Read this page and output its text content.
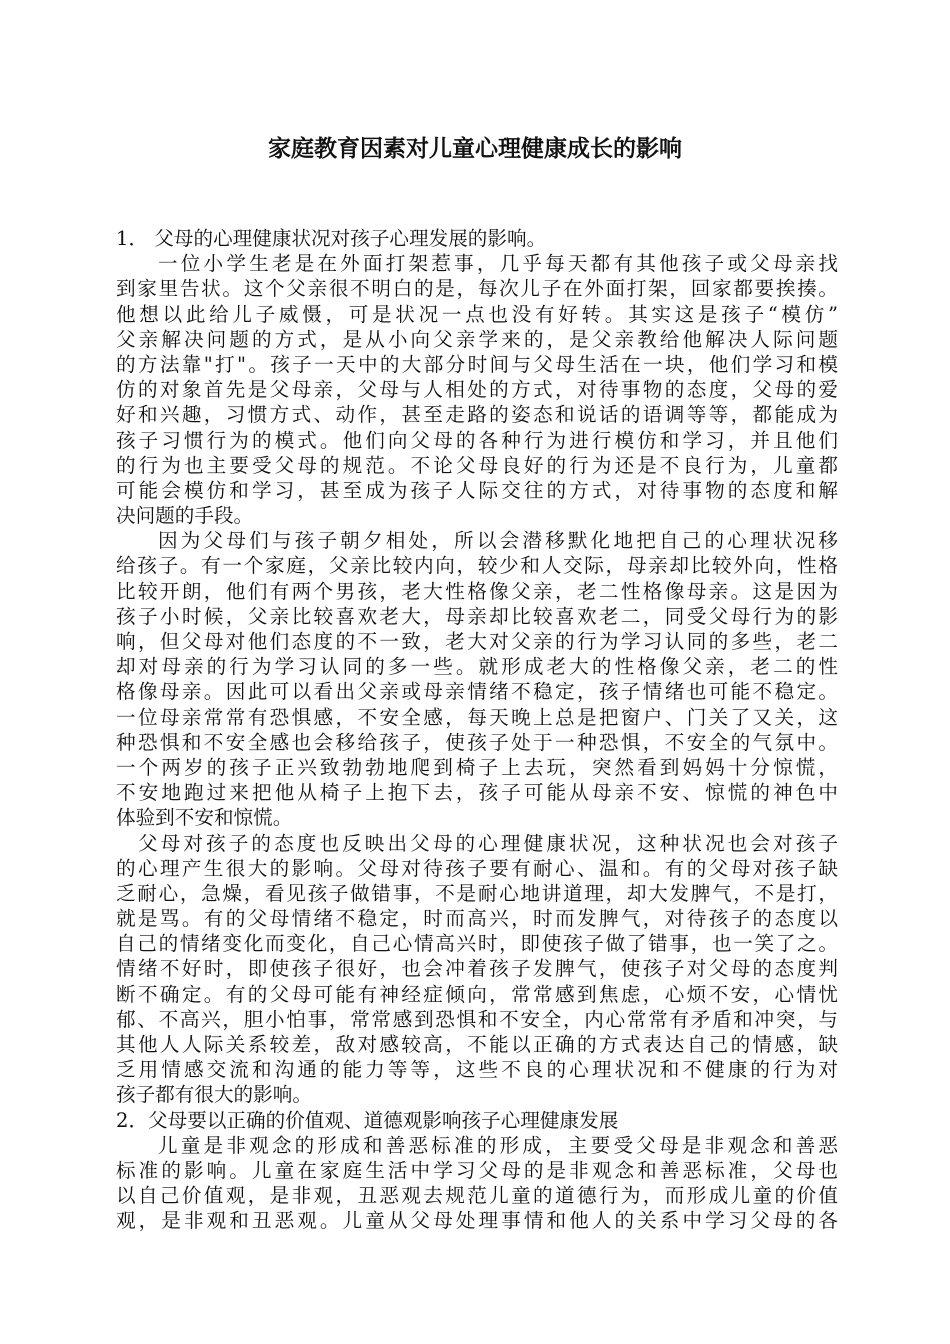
家庭教育因素对儿童心理健康成长的影响
1． 父母的心理健康状况对孩子心理发展的影响。
一位小学生老是在外面打架惹事，几乎每天都有其他孩子或父母亲找
到家里告状。这个父亲很不明白的是，每次儿子在外面打架，回家都要挨揍。
他想以此给儿子威慑，可是状况一点也没有好转。其实这是孩子“模仿”
父亲解决问题的方式，是从小向父亲学来的，是父亲教给他解决人际问题
的方法靠"打"。孩子一天中的大部分时间与父母生活在一块，他们学习和模
仿的对象首先是父母亲，父母与人相处的方式，对待事物的态度，父母的爱
好和兴趣，习惯方式、动作，甚至走路的姿态和说话的语调等等，都能成为
孩子习惯行为的模式。他们向父母的各种行为进行模仿和学习，并且他们
的行为也主要受父母的规范。不论父母良好的行为还是不良行为，儿童都
可能会模仿和学习，甚至成为孩子人际交往的方式，对待事物的态度和解
决问题的手段。
因为父母们与孩子朝夕相处，所以会潜移默化地把自己的心理状况移
给孩子。有一个家庭，父亲比较内向，较少和人交际，母亲却比较外向，性格
比较开朗，他们有两个男孩，老大性格像父亲，老二性格像母亲。这是因为
孩子小时候，父亲比较喜欢老大，母亲却比较喜欢老二，同受父母行为的影
响，但父母对他们态度的不一致，老大对父亲的行为学习认同的多些，老二
却对母亲的行为学习认同的多一些。就形成老大的性格像父亲，老二的性
格像母亲。因此可以看出父亲或母亲情绪不稳定，孩子情绪也可能不稳定。
一位母亲常常有恐惧感，不安全感，每天晚上总是把窗户、门关了又关，这
种恐惧和不安全感也会移给孩子，使孩子处于一种恐惧，不安全的气氛中。
一个两岁的孩子正兴致勃勃地爬到椅子上去玩，突然看到妈妈十分惊慌，
不安地跑过来把他从椅子上抱下去，孩子可能从母亲不安、惊慌的神色中
体验到不安和惊慌。
父母对孩子的态度也反映出父母的心理健康状况，这种状况也会对孩子
的心理产生很大的影响。父母对待孩子要有耐心、温和。有的父母对孩子缺
乏耐心，急燥，看见孩子做错事，不是耐心地讲道理，却大发脾气，不是打，
就是骂。有的父母情绪不稳定，时而高兴，时而发脾气，对待孩子的态度以
自己的情绪变化而变化，自己心情高兴时，即使孩子做了错事，也一笑了之。
情绪不好时，即使孩子很好，也会冲着孩子发脾气，使孩子对父母的态度判
断不确定。有的父母可能有神经症倾向，常常感到焦虑，心烦不安，心情忧
郁、不高兴，胆小怕事，常常感到恐惧和不安全，内心常常有矛盾和冲突，与
其他人人际关系较差，敌对感较高，不能以正确的方式表达自己的情感，缺
乏用情感交流和沟通的能力等等，这些不良的心理状况和不健康的行为对
孩子都有很大的影响。
2．父母要以正确的价值观、道德观影响孩子心理健康发展
儿童是非观念的形成和善恶标准的形成，主要受父母是非观念和善恶
标准的影响。儿童在家庭生活中学习父母的是非观念和善恶标准，父母也
以自己价值观，是非观，丑恶观去规范儿童的道德行为，而形成儿童的价值
观，是非观和丑恶观。儿童从父母处理事情和他人的关系中学习父母的各
